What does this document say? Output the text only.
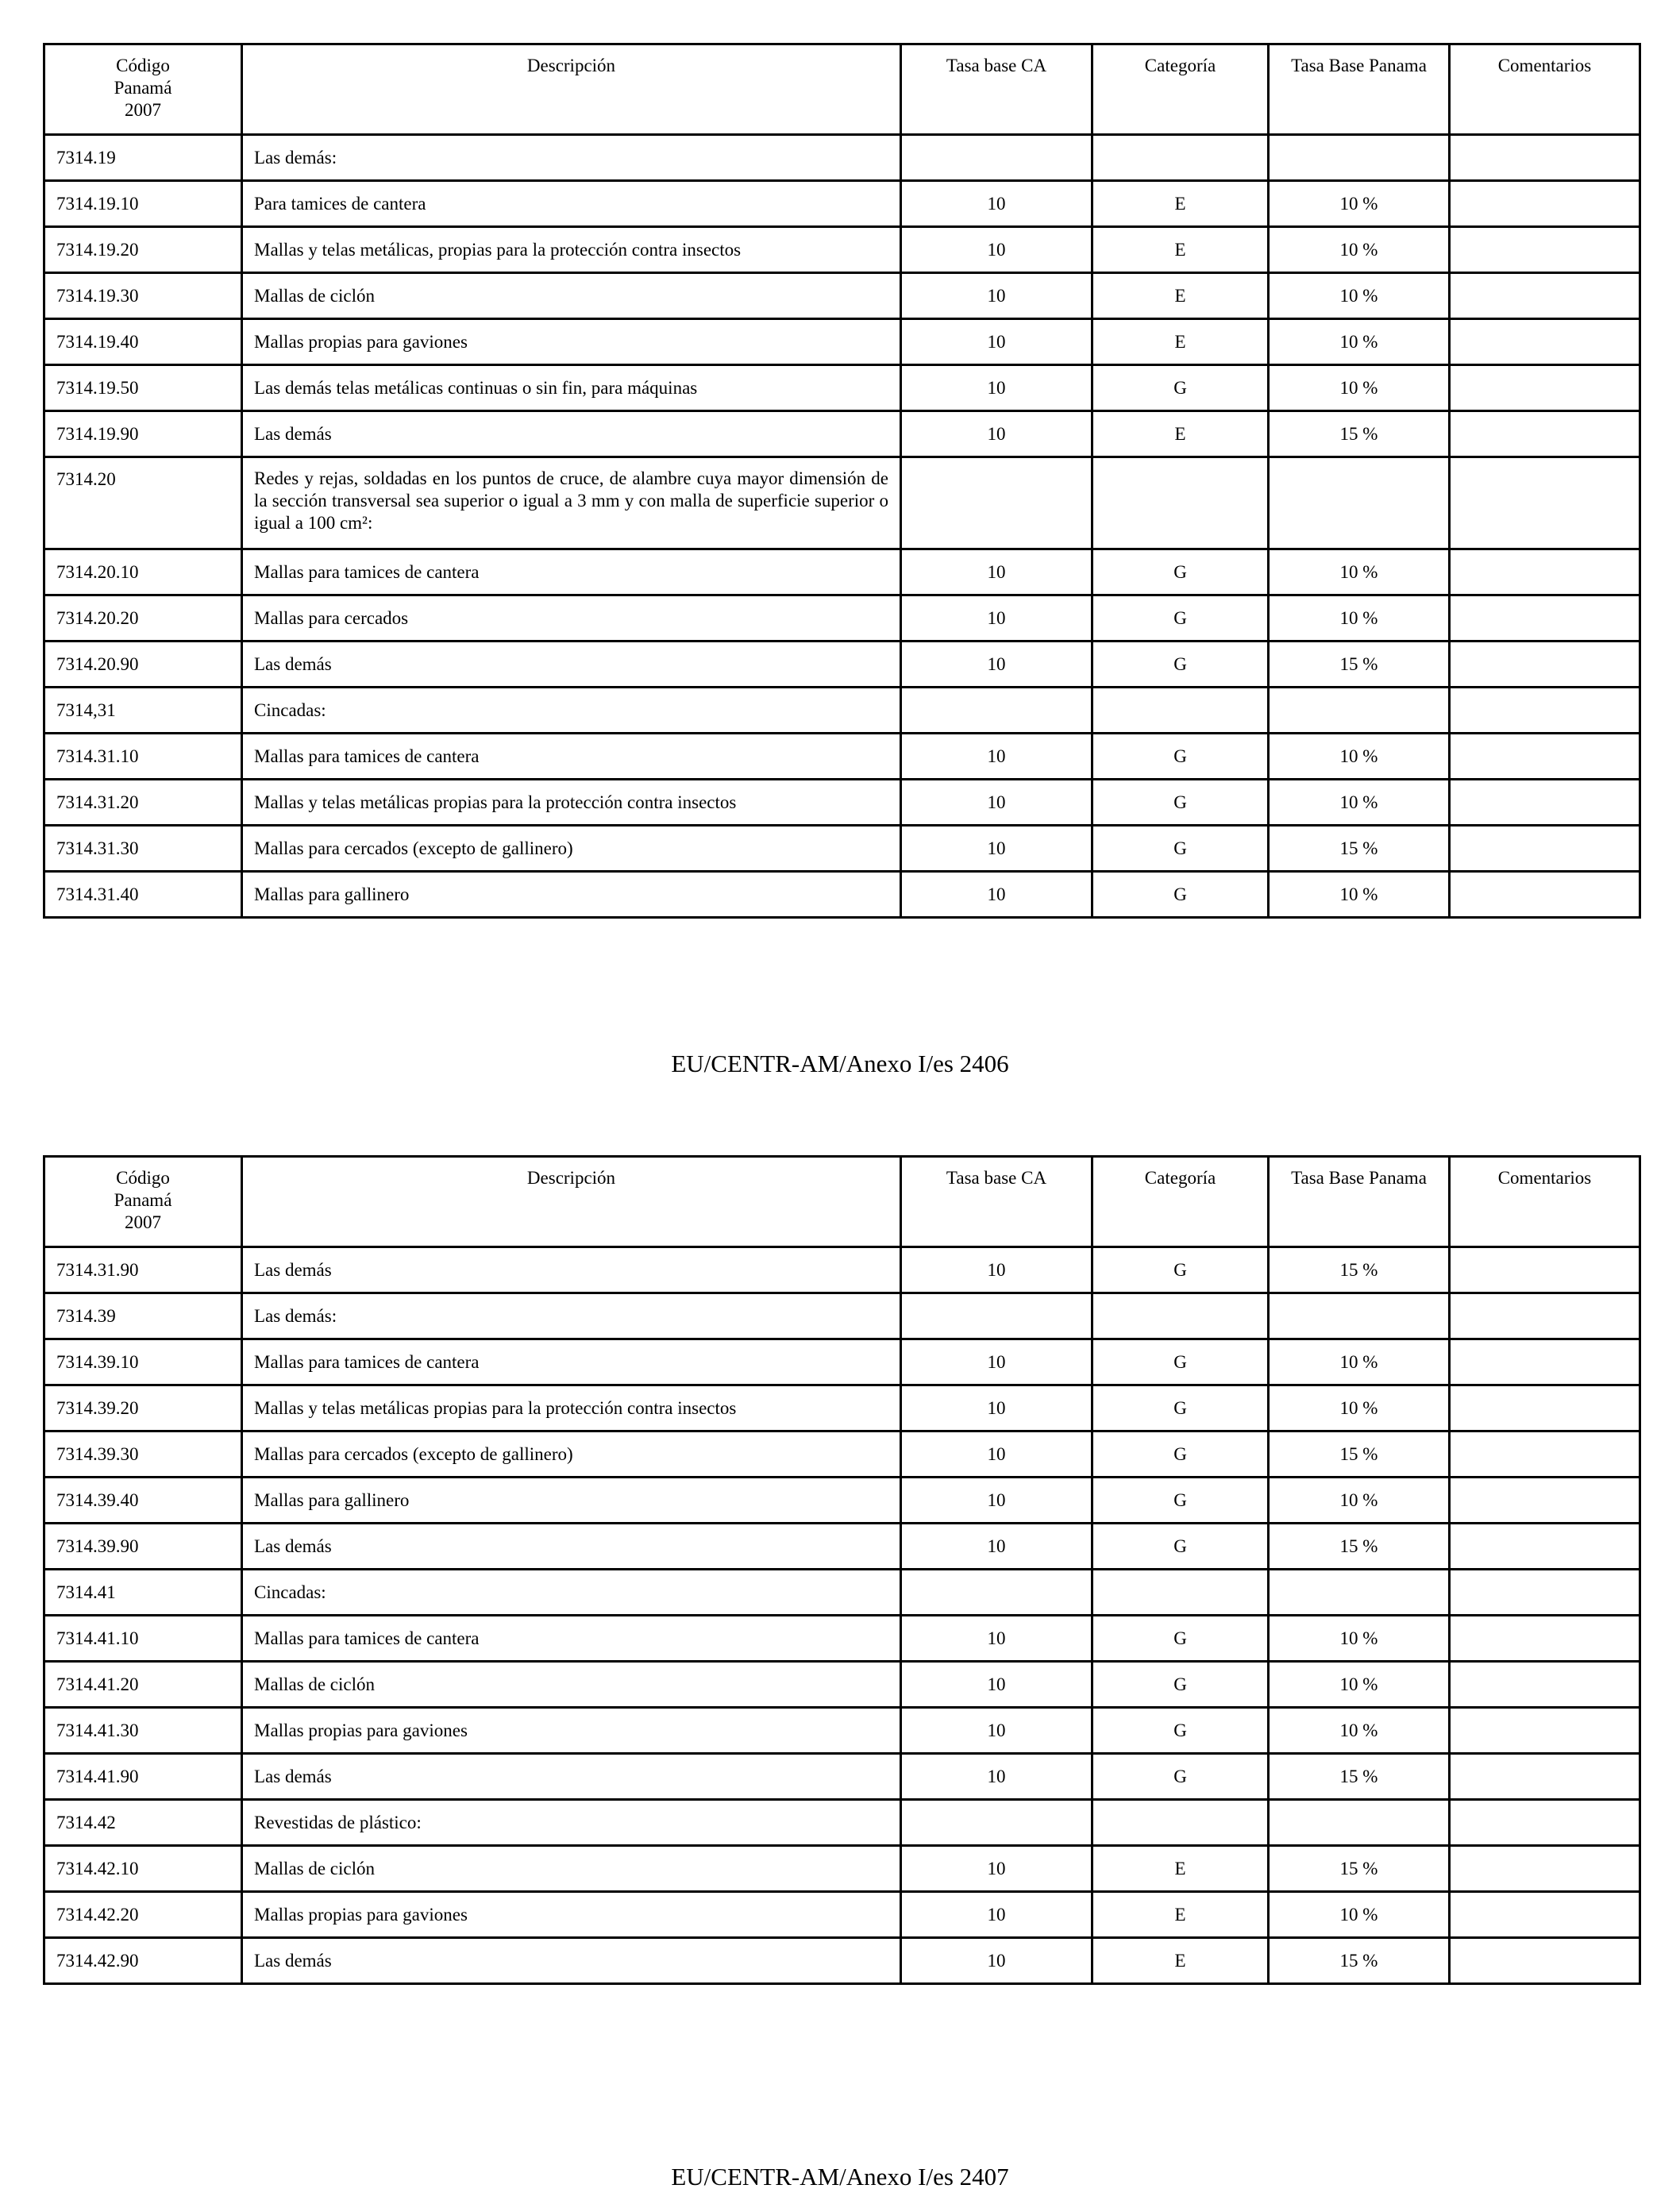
Código
Panamá
2007	Descripción	Tasa base CA	Categoría	Tasa Base Panama	Comentarios
7314.19	Las demás:				
7314.19.10	Para tamices de cantera	10	E	10 %	
7314.19.20	Mallas y telas metálicas, propias para la protección contra insectos	10	E	10 %	
7314.19.30	Mallas de ciclón	10	E	10 %	
7314.19.40	Mallas propias para gaviones	10	E	10 %	
7314.19.50	Las demás telas metálicas continuas o sin fin, para máquinas	10	G	10 %	
7314.19.90	Las demás	10	E	15 %	
7314.20	Redes y rejas, soldadas en los puntos de cruce, de alambre cuya mayor dimensión de la sección transversal sea superior o igual a 3 mm y con malla de superficie superior o igual a 100 cm²:				
7314.20.10	Mallas para tamices de cantera	10	G	10 %	
7314.20.20	Mallas para cercados	10	G	10 %	
7314.20.90	Las demás	10	G	15 %	
7314,31	Cincadas:				
7314.31.10	Mallas para tamices de cantera	10	G	10 %	
7314.31.20	Mallas y telas metálicas propias para la protección contra insectos	10	G	10 %	
7314.31.30	Mallas para cercados (excepto de gallinero)	10	G	15 %	
7314.31.40	Mallas para gallinero	10	G	10 %	
EU/CENTR-AM/Anexo I/es 2406
Código
Panamá
2007	Descripción	Tasa base CA	Categoría	Tasa Base Panama	Comentarios
7314.31.90	Las demás	10	G	15 %	
7314.39	Las demás:				
7314.39.10	Mallas para tamices de cantera	10	G	10 %	
7314.39.20	Mallas y telas metálicas propias para la protección contra insectos	10	G	10 %	
7314.39.30	Mallas para cercados (excepto de gallinero)	10	G	15 %	
7314.39.40	Mallas para gallinero	10	G	10 %	
7314.39.90	Las demás	10	G	15 %	
7314.41	Cincadas:				
7314.41.10	Mallas para tamices de cantera	10	G	10 %	
7314.41.20	Mallas de ciclón	10	G	10 %	
7314.41.30	Mallas propias para gaviones	10	G	10 %	
7314.41.90	Las demás	10	G	15 %	
7314.42	Revestidas de plástico:				
7314.42.10	Mallas de ciclón	10	E	15 %	
7314.42.20	Mallas propias para gaviones	10	E	10 %	
7314.42.90	Las demás	10	E	15 %	
EU/CENTR-AM/Anexo I/es 2407
